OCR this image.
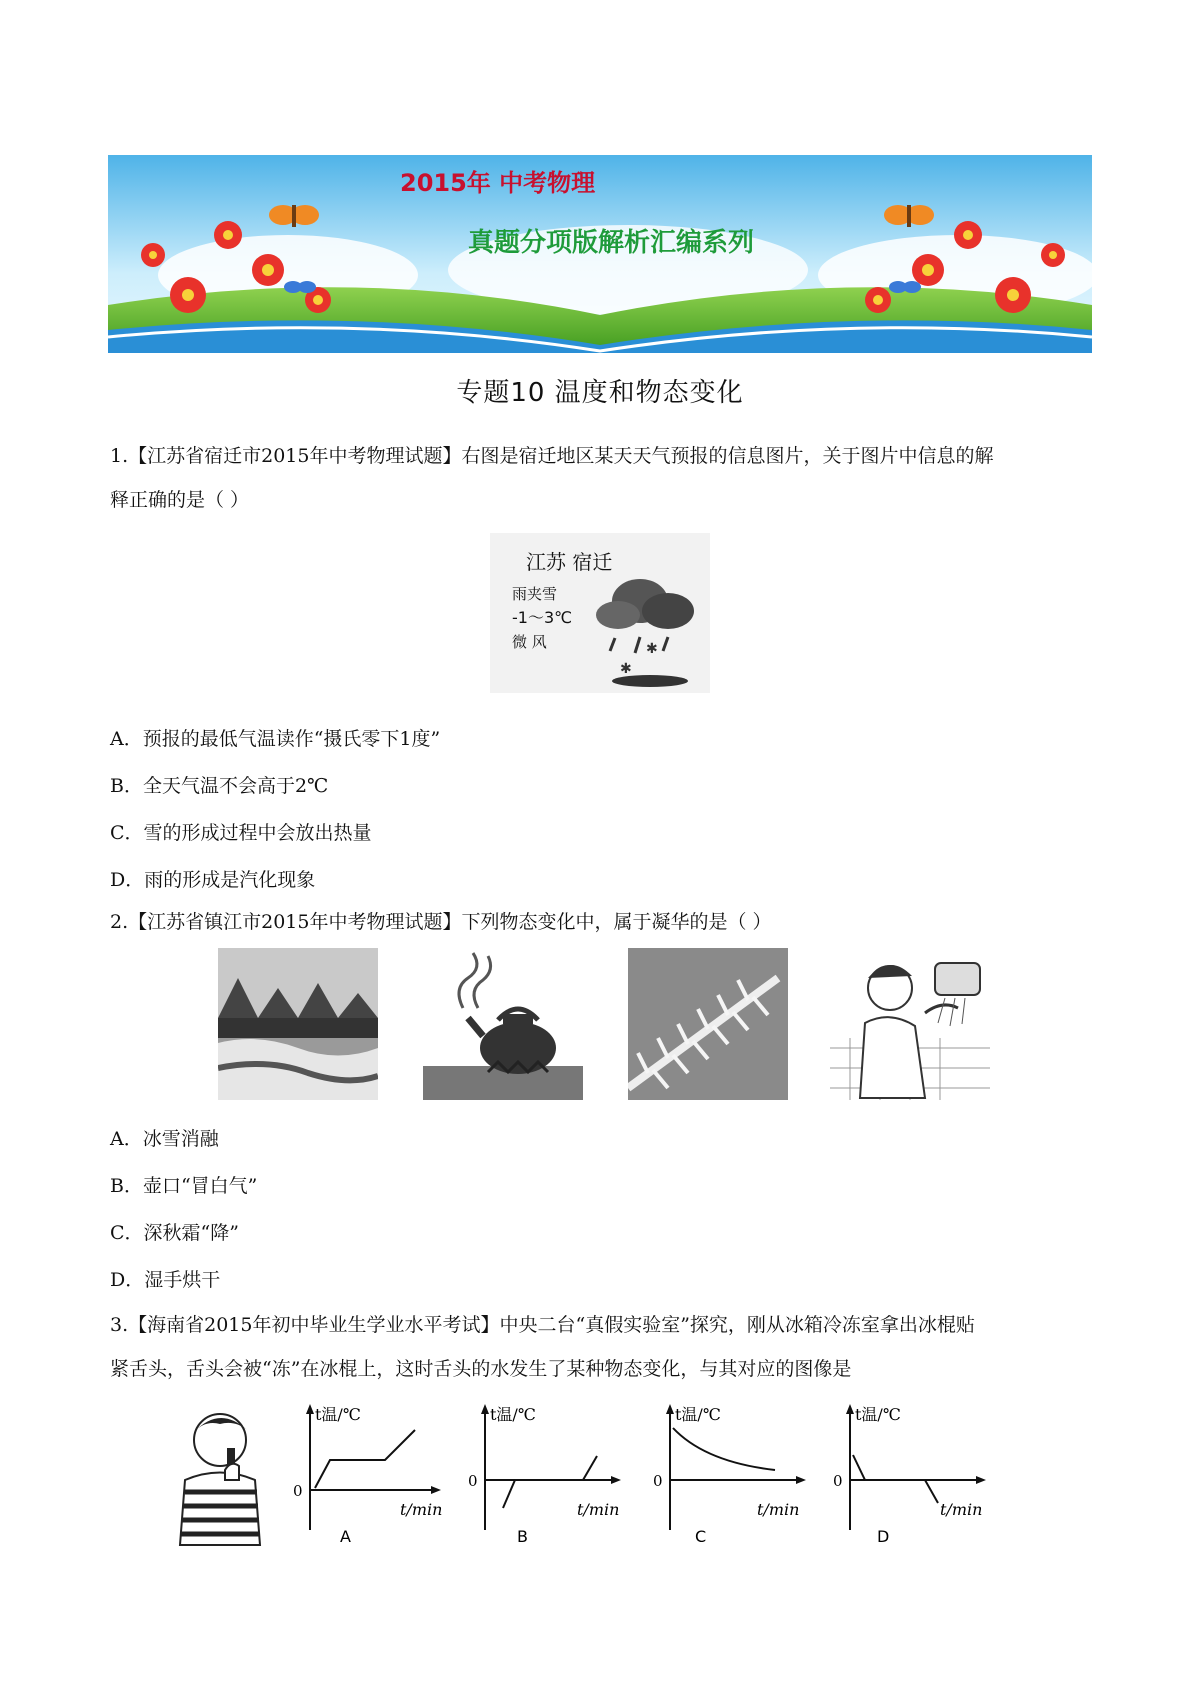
2015年 中考物理
真题分项版解析汇编系列
专题10 温度和物态变化
1.【江苏省宿迁市2015年中考物理试题】右图是宿迁地区某天天气预报的信息图片，关于图片中信息的解
释正确的是（ ）
江苏 宿迁
雨夹雪
-1～3℃
微 风	✱
✱
A．预报的最低气温读作“摄氏零下1度”
B．全天气温不会高于2℃
C．雪的形成过程中会放出热量
D．雨的形成是汽化现象
2.【江苏省镇江市2015年中考物理试题】下列物态变化中，属于凝华的是（ ）
A．冰雪消融
B．壶口“冒白气”
C．深秋霜“降”
D．湿手烘干
3.【海南省2015年初中毕业生学业水平考试】中央二台“真假实验室”探究，刚从冰箱冷冻室拿出冰棍贴
紧舌头，舌头会被“冻”在冰棍上，这时舌头的水发生了某种物态变化，与其对应的图像是
t温/℃
0
t/min
A
t温/℃
0
t/min
B
t温/℃
0
t/min
C
t温/℃
0
t/min
D
